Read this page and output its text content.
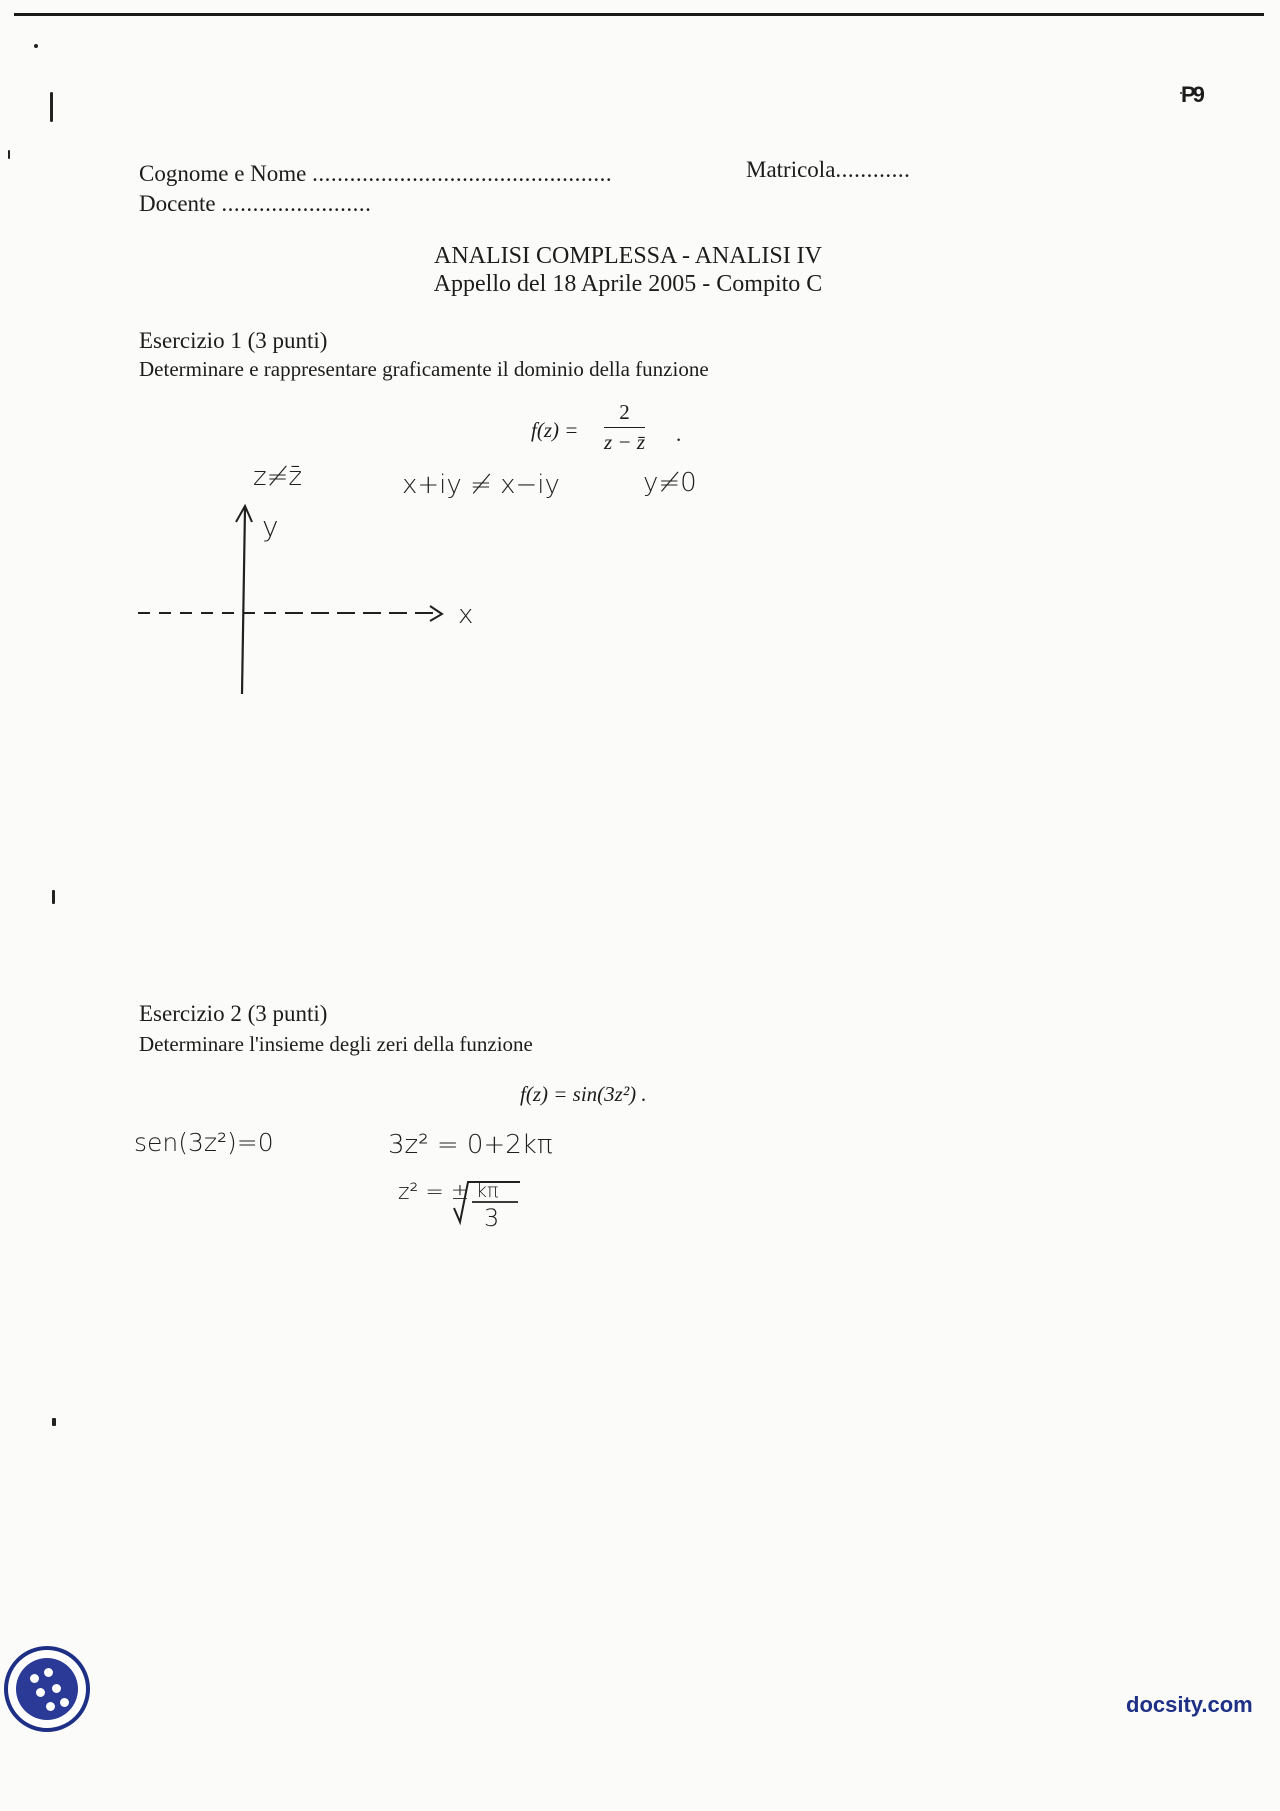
P9
Cognome e Nome ................................................	Matricola............
Docente ........................
ANALISI COMPLESSA - ANALISI IV
Appello del 18 Aprile 2005 - Compito C
Esercizio 1 (3 punti)
Determinare e rappresentare graficamente il dominio della funzione
$f(z) = \frac{2}{z - z̄}$ .
z≠z̄	x+iy ≠ x−iy	y≠0
y
x
Esercizio 2 (3 punti)
Determinare l'insieme degli zeri della funzione
f(z) = sin(3z²) .
sen(3z²)=0	3z² = 0+2kπ
z² = ± kπ
3
docsity.com
